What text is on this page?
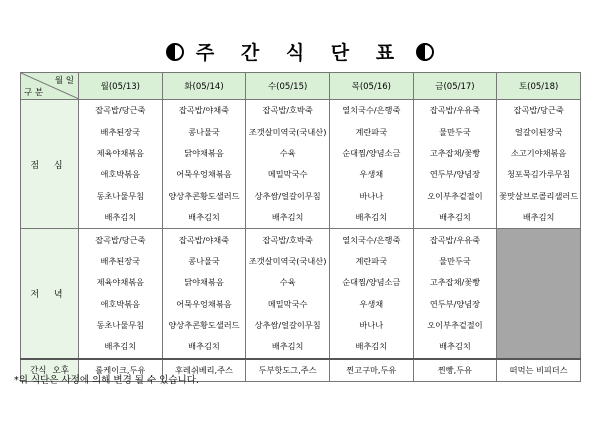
주 간 식 단 표
월 일
구 분	월(05/13)	화(05/14)	수(05/15)	목(05/16)	금(05/17)	토(05/18)
점 심	잡곡밥/당근죽	잡곡밥/야채죽	잡곡밥/호박죽	열치국수/은행죽	잡곡밥/우유죽	잡곡밥/당근죽
	배추된장국	콩나물국	조갯살미역국(국내산)	계란파국	물만두국	얼갈이된장국
	제육야채볶음	닭야채볶음	수육	순대찜/양념소금	고추잡채/꽃빵	소고기야채볶음
	애호박볶음	어묵우엉채볶음	메밀막국수	우생채	연두부/양념장	청포묵김가루무침
	동초나물무침	양상추콘황도샐러드	상추쌈/얼갈이무침	바나나	오이부추겉절이	꽃맛살브로콜리샐러드
	배추김치	배추김치	배추김치	배추김치	배추김치	배추김치
저 녁	잡곡밥/당근죽	잡곡밥/야채죽	잡곡밥/호박죽	열치국수/은행죽	잡곡밥/우유죽	
	배추된장국	콩나물국	조갯살미역국(국내산)	계란파국	물만두국	
	제육야채볶음	닭야채볶음	수육	순대찜/양념소금	고추잡채/꽃빵	
	애호박볶음	어묵우엉채볶음	메밀막국수	우생채	연두부/양념장	
	동초나물무침	양상추콘황도샐러드	상추쌈/얼갈이무침	바나나	오이부추겉절이	
	배추김치	배추김치	배추김치	배추김치	배추김치	
간식 오후	롤케이크,두유	후레쉬베리,주스	두부핫도그,주스	찐고구마,두유	찐빵,두유	떠먹는 비피더스
*위 식단은 사정에 의해 변경 될 수 있습니다.
